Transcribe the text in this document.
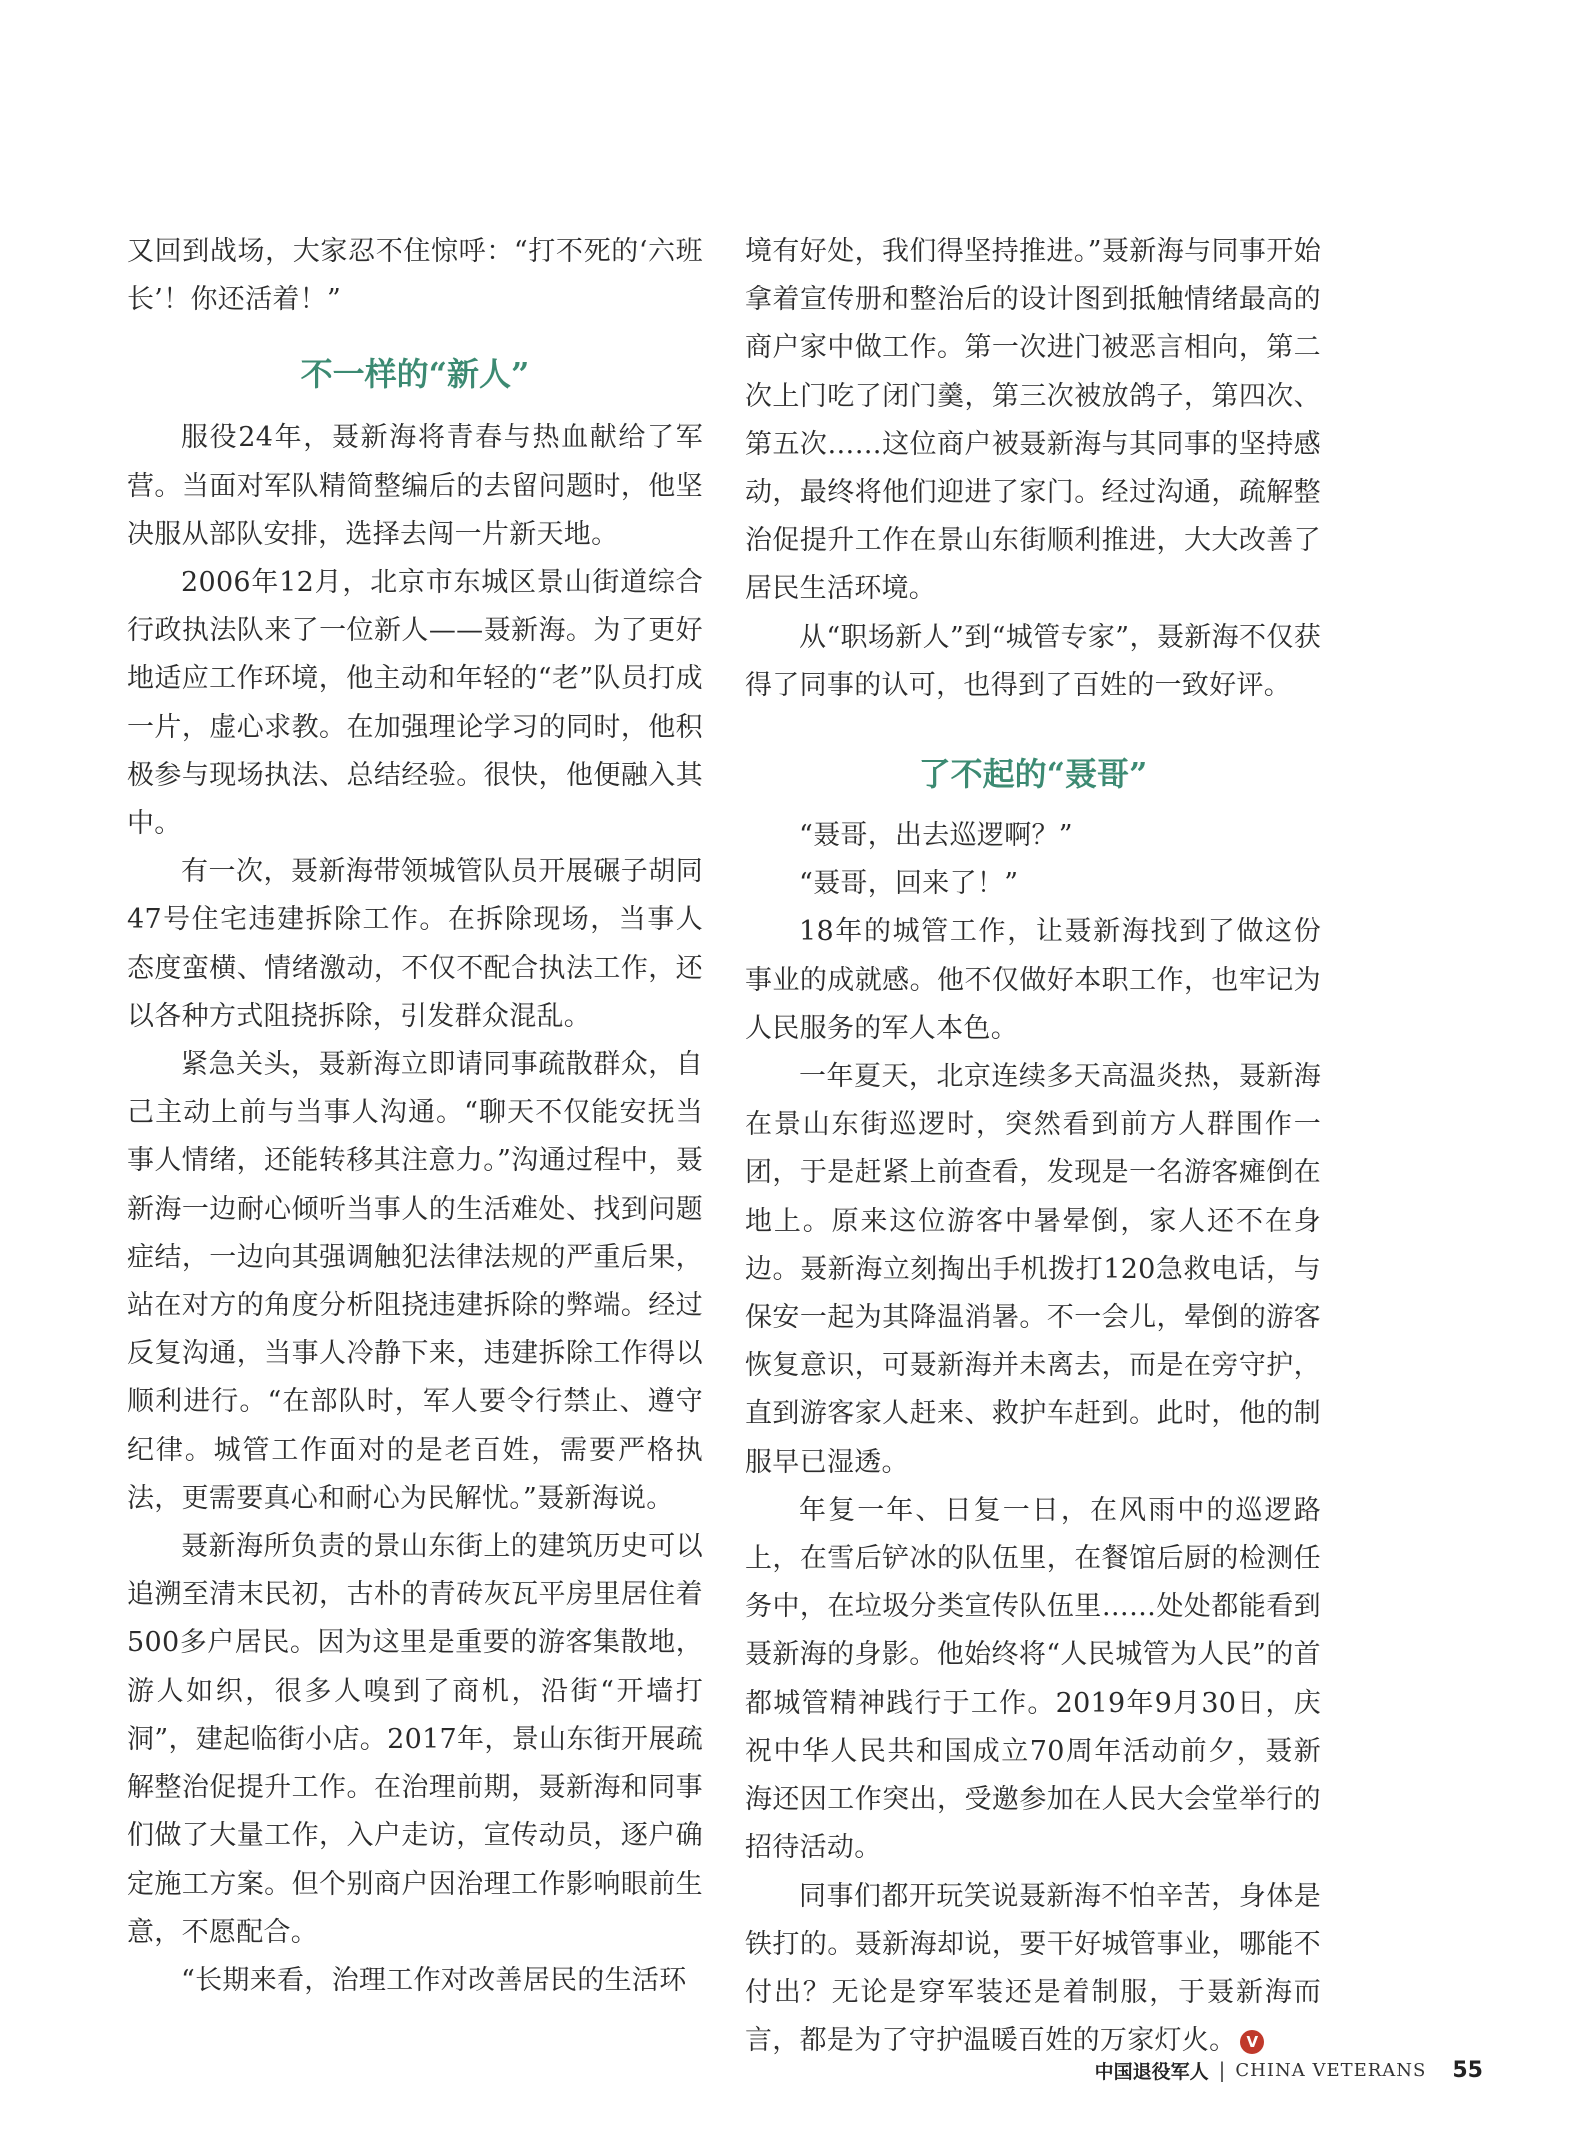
又回到战场，大家忍不住惊呼：“打不死的‘六班长’！你还活着！”

不一样的“新人”

服役24年，聂新海将青春与热血献给了军营。当面对军队精简整编后的去留问题时，他坚决服从部队安排，选择去闯一片新天地。

2006年12月，北京市东城区景山街道综合行政执法队来了一位新人——聂新海。为了更好地适应工作环境，他主动和年轻的“老”队员打成一片，虚心求教。在加强理论学习的同时，他积极参与现场执法、总结经验。很快，他便融入其中。

有一次，聂新海带领城管队员开展碾子胡同47号住宅违建拆除工作。在拆除现场，当事人态度蛮横、情绪激动，不仅不配合执法工作，还以各种方式阻挠拆除，引发群众混乱。

紧急关头，聂新海立即请同事疏散群众，自己主动上前与当事人沟通。“聊天不仅能安抚当事人情绪，还能转移其注意力。”沟通过程中，聂新海一边耐心倾听当事人的生活难处、找到问题症结，一边向其强调触犯法律法规的严重后果，站在对方的角度分析阻挠违建拆除的弊端。经过反复沟通，当事人冷静下来，违建拆除工作得以顺利进行。“在部队时，军人要令行禁止、遵守纪律。城管工作面对的是老百姓，需要严格执法，更需要真心和耐心为民解忧。”聂新海说。

聂新海所负责的景山东街上的建筑历史可以追溯至清末民初，古朴的青砖灰瓦平房里居住着500多户居民。因为这里是重要的游客集散地，游人如织，很多人嗅到了商机，沿街“开墙打洞”，建起临街小店。2017年，景山东街开展疏解整治促提升工作。在治理前期，聂新海和同事们做了大量工作，入户走访，宣传动员，逐户确定施工方案。但个别商户因治理工作影响眼前生意，不愿配合。

“长期来看，治理工作对改善居民的生活环

境有好处，我们得坚持推进。”聂新海与同事开始拿着宣传册和整治后的设计图到抵触情绪最高的商户家中做工作。第一次进门被恶言相向，第二次上门吃了闭门羹，第三次被放鸽子，第四次、第五次……这位商户被聂新海与其同事的坚持感动，最终将他们迎进了家门。经过沟通，疏解整治促提升工作在景山东街顺利推进，大大改善了居民生活环境。

从“职场新人”到“城管专家”，聂新海不仅获得了同事的认可，也得到了百姓的一致好评。

了不起的“聂哥”

“聂哥，出去巡逻啊？”

“聂哥，回来了！”

18年的城管工作，让聂新海找到了做这份事业的成就感。他不仅做好本职工作，也牢记为人民服务的军人本色。

一年夏天，北京连续多天高温炎热，聂新海在景山东街巡逻时，突然看到前方人群围作一团，于是赶紧上前查看，发现是一名游客瘫倒在地上。原来这位游客中暑晕倒，家人还不在身边。聂新海立刻掏出手机拨打120急救电话，与保安一起为其降温消暑。不一会儿，晕倒的游客恢复意识，可聂新海并未离去，而是在旁守护，直到游客家人赶来、救护车赶到。此时，他的制服早已湿透。

年复一年、日复一日，在风雨中的巡逻路上，在雪后铲冰的队伍里，在餐馆后厨的检测任务中，在垃圾分类宣传队伍里……处处都能看到聂新海的身影。他始终将“人民城管为人民”的首都城管精神践行于工作。2019年9月30日，庆祝中华人民共和国成立70周年活动前夕，聂新海还因工作突出，受邀参加在人民大会堂举行的招待活动。

同事们都开玩笑说聂新海不怕辛苦，身体是铁打的。聂新海却说，要干好城管事业，哪能不付出？无论是穿军装还是着制服，于聂新海而言，都是为了守护温暖百姓的万家灯火。 V

中国退役军人 | CHINA VETERANS 55
